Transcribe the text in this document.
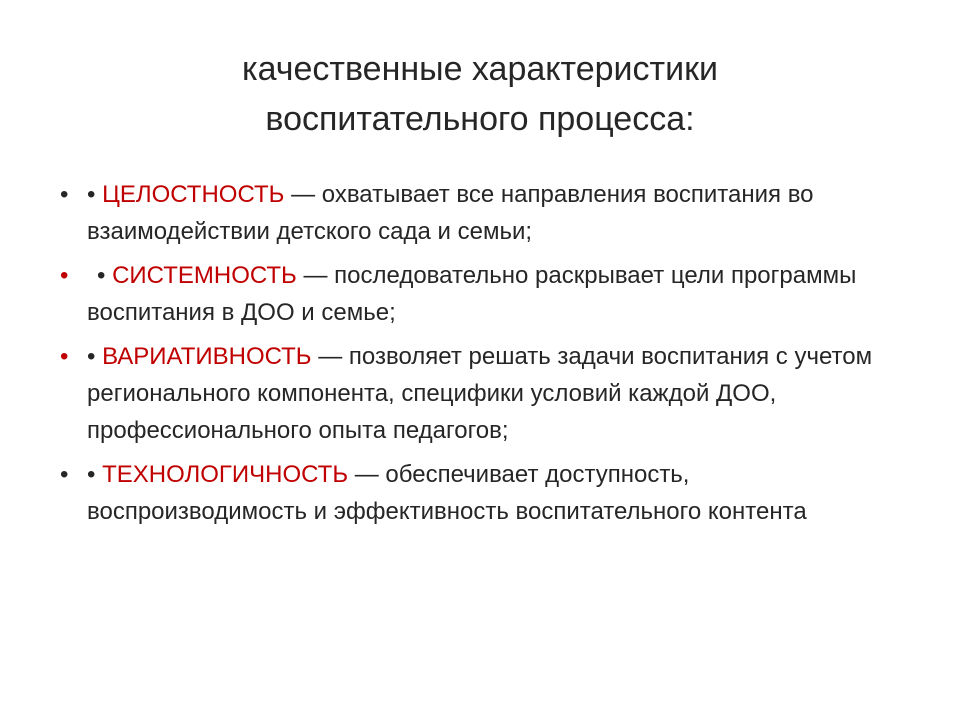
качественные характеристики
воспитательного процесса:
• • ЦЕЛОСТНОСТЬ — охватывает все направления воспитания во взаимодействии детского сада и семьи;
• • СИСТЕМНОСТЬ — последовательно раскрывает цели программы воспитания в ДОО и семье;
• • ВАРИАТИВНОСТЬ — позволяет решать задачи воспитания с учетом регионального компонента, специфики условий каждой ДОО, профессионального опыта педагогов;
• • ТЕХНОЛОГИЧНОСТЬ — обеспечивает доступность, воспроизводимость и эффективность воспитательного контента
